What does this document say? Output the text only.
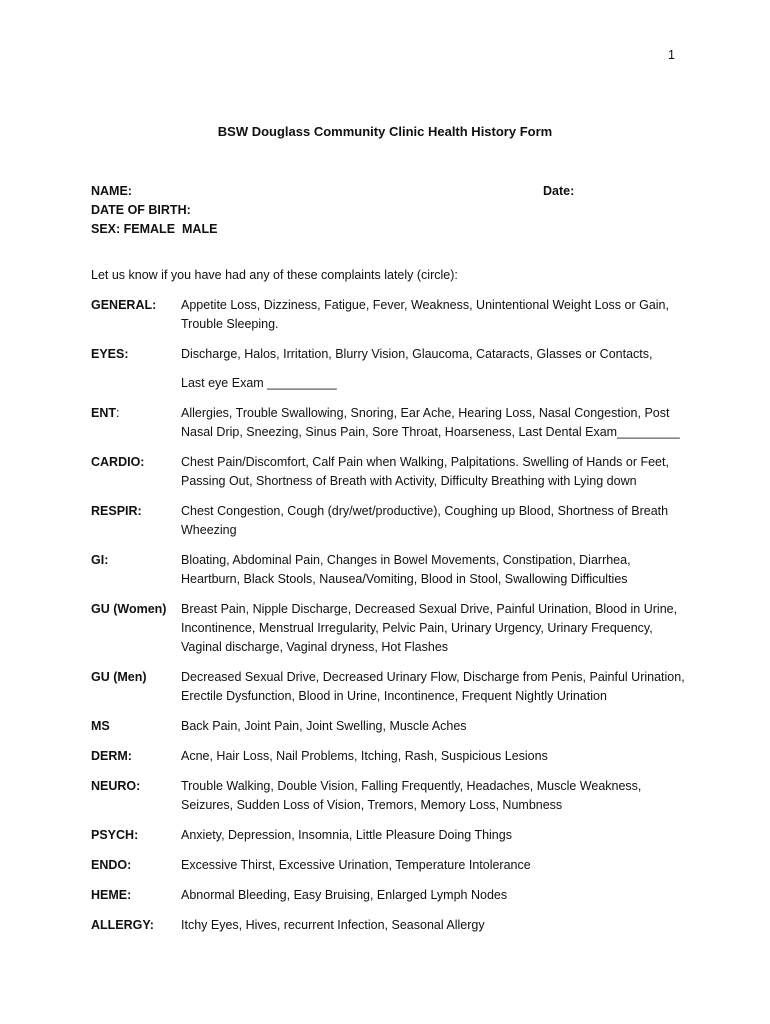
1
BSW Douglass Community Clinic Health History Form
NAME:	Date:
DATE OF BIRTH:
SEX: FEMALE MALE
Let us know if you have had any of these complaints lately (circle):
GENERAL:	Appetite Loss, Dizziness, Fatigue, Fever, Weakness, Unintentional Weight Loss or Gain, Trouble Sleeping.
EYES:	Discharge, Halos, Irritation, Blurry Vision, Glaucoma, Cataracts, Glasses or Contacts,
Last eye Exam __________
ENT:	Allergies, Trouble Swallowing, Snoring, Ear Ache, Hearing Loss, Nasal Congestion, Post Nasal Drip, Sneezing, Sinus Pain, Sore Throat, Hoarseness, Last Dental Exam_________
CARDIO:	Chest Pain/Discomfort, Calf Pain when Walking, Palpitations. Swelling of Hands or Feet, Passing Out, Shortness of Breath with Activity, Difficulty Breathing with Lying down
RESPIR:	Chest Congestion, Cough (dry/wet/productive), Coughing up Blood, Shortness of Breath Wheezing
GI:	Bloating, Abdominal Pain, Changes in Bowel Movements, Constipation, Diarrhea, Heartburn, Black Stools, Nausea/Vomiting, Blood in Stool, Swallowing Difficulties
GU (Women)	Breast Pain, Nipple Discharge, Decreased Sexual Drive, Painful Urination, Blood in Urine, Incontinence, Menstrual Irregularity, Pelvic Pain, Urinary Urgency, Urinary Frequency, Vaginal discharge, Vaginal dryness, Hot Flashes
GU (Men)	Decreased Sexual Drive, Decreased Urinary Flow, Discharge from Penis, Painful Urination, Erectile Dysfunction, Blood in Urine, Incontinence, Frequent Nightly Urination
MS	Back Pain, Joint Pain, Joint Swelling, Muscle Aches
DERM:	Acne, Hair Loss, Nail Problems, Itching, Rash, Suspicious Lesions
NEURO:	Trouble Walking, Double Vision, Falling Frequently, Headaches, Muscle Weakness, Seizures, Sudden Loss of Vision, Tremors, Memory Loss, Numbness
PSYCH:	Anxiety, Depression, Insomnia, Little Pleasure Doing Things
ENDO:	Excessive Thirst, Excessive Urination, Temperature Intolerance
HEME:	Abnormal Bleeding, Easy Bruising, Enlarged Lymph Nodes
ALLERGY:	Itchy Eyes, Hives, recurrent Infection, Seasonal Allergy
